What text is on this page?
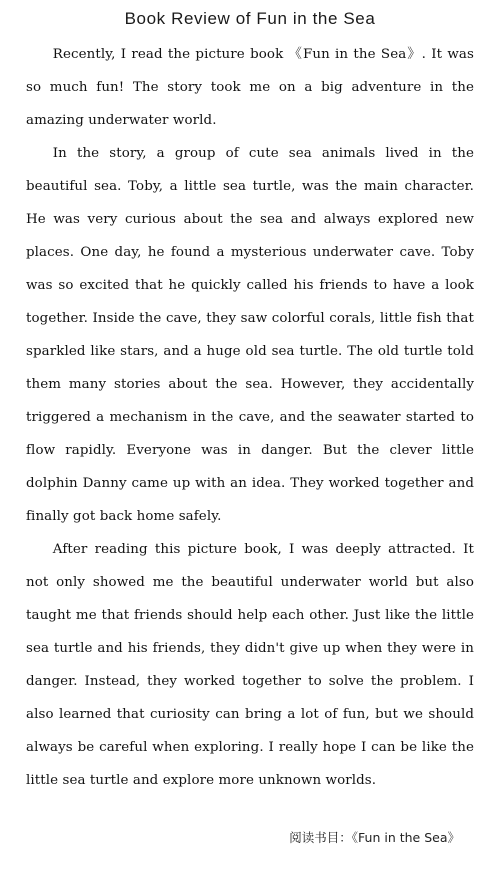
Book Review of Fun in the Sea

Recently, I read the picture book 《Fun in the Sea》. It was so much fun! The story took me on a big adventure in the amazing underwater world.

In the story, a group of cute sea animals lived in the beautiful sea. Toby, a little sea turtle, was the main character. He was very curious about the sea and always explored new places. One day, he found a mysterious underwater cave. Toby was so excited that he quickly called his friends to have a look together. Inside the cave, they saw colorful corals, little fish that sparkled like stars, and a huge old sea turtle. The old turtle told them many stories about the sea. However, they accidentally triggered a mechanism in the cave, and the seawater started to flow rapidly. Everyone was in danger. But the clever little dolphin Danny came up with an idea. They worked together and finally got back home safely.

After reading this picture book, I was deeply attracted. It not only showed me the beautiful underwater world but also taught me that friends should help each other. Just like the little sea turtle and his friends, they didn't give up when they were in danger. Instead, they worked together to solve the problem. I also learned that curiosity can bring a lot of fun, but we should always be careful when exploring. I really hope I can be like the little sea turtle and explore more unknown worlds.

阅读书目：《Fun in the Sea》
